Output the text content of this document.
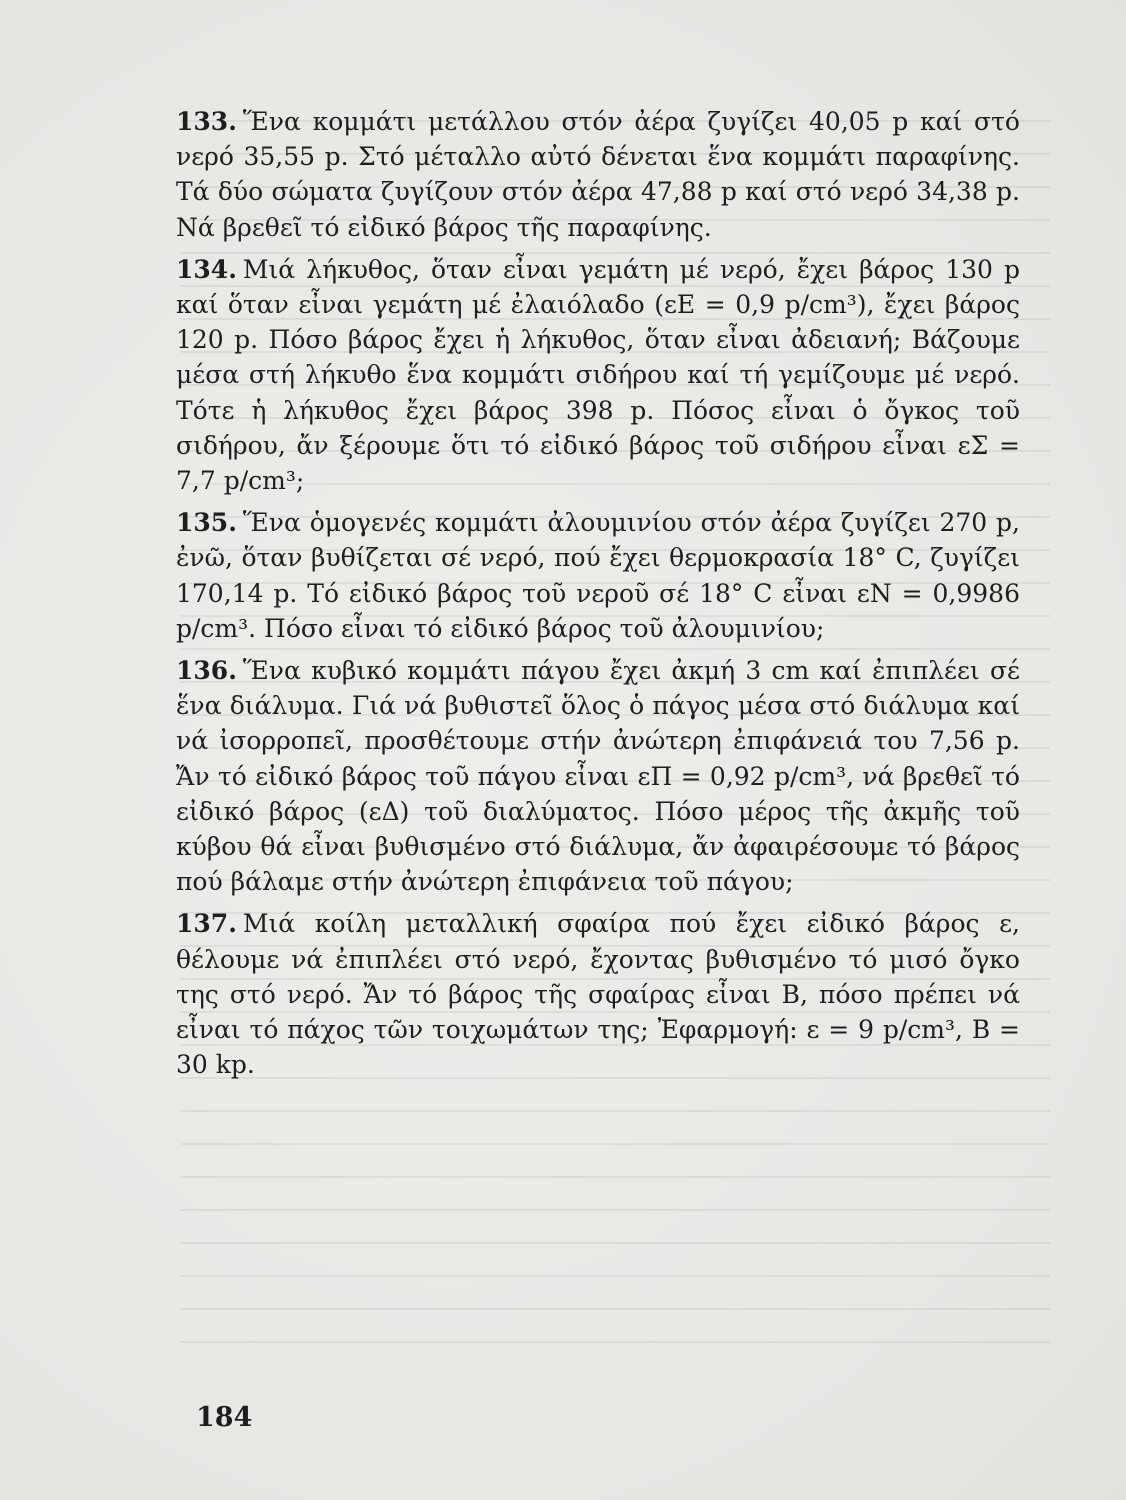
133 . Ἕνα κομμάτι μετάλλου στόν ἀέρα ζυγίζει 40,05 p καί στό νερό 35,55 p. Στό μέταλλο αὐτό δένεται ἕνα κομμάτι παραφίνης. Τά δύο σώματα ζυγίζουν στόν ἀέρα 47,88 p καί στό νερό 34,38 p. Νά βρεθεῖ τό εἰδικό βάρος τῆς παραφίνης.

134 . Μιά λήκυθος, ὅταν εἶναι γεμάτη μέ νερό, ἔχει βάρος 130 p καί ὅταν εἶναι γεμάτη μέ ἐλαιόλαδο (εE = 0,9 p/cm³), ἔχει βάρος 120 p. Πόσο βάρος ἔχει ἡ λήκυθος, ὅταν εἶναι ἀδειανή; Βάζουμε μέσα στή λήκυθο ἕνα κομμάτι σιδήρου καί τή γεμίζουμε μέ νερό. Τότε ἡ λήκυθος ἔχει βάρος 398 p. Πόσος εἶναι ὁ ὄγκος τοῦ σιδήρου, ἄν ξέρουμε ὅτι τό εἰδικό βάρος τοῦ σιδήρου εἶναι εΣ = 7,7 p/cm³;

135 . Ἕνα ὁμογενές κομμάτι ἀλουμινίου στόν ἀέρα ζυγίζει 270 p, ἐνῶ, ὅταν βυθίζεται σέ νερό, πού ἔχει θερμοκρασία 18° C, ζυγίζει 170,14 p. Τό εἰδικό βάρος τοῦ νεροῦ σέ 18° C εἶναι εN = 0,9986 p/cm³. Πόσο εἶναι τό εἰδικό βάρος τοῦ ἀλουμινίου;

136 . Ἕνα κυβικό κομμάτι πάγου ἔχει ἀκμή 3 cm καί ἐπιπλέει σέ ἕνα διάλυμα. Γιά νά βυθιστεῖ ὅλος ὁ πάγος μέσα στό διάλυμα καί νά ἰσορροπεῖ, προσθέτουμε στήν ἀνώτερη ἐπιφάνειά του 7,56 p. Ἄν τό εἰδικό βάρος τοῦ πάγου εἶναι εΠ = 0,92 p/cm³, νά βρεθεῖ τό εἰδικό βάρος (εΔ) τοῦ διαλύματος. Πόσο μέρος τῆς ἀκμῆς τοῦ κύβου θά εἶναι βυθισμένο στό διάλυμα, ἄν ἀφαιρέσουμε τό βάρος πού βάλαμε στήν ἀνώτερη ἐπιφάνεια τοῦ πάγου;

137 . Μιά κοίλη μεταλλική σφαίρα πού ἔχει εἰδικό βάρος ε, θέλουμε νά ἐπιπλέει στό νερό, ἔχοντας βυθισμένο τό μισό ὄγκο της στό νερό. Ἄν τό βάρος τῆς σφαίρας εἶναι B, πόσο πρέπει νά εἶναι τό πάχος τῶν τοιχωμάτων της; Ἐφαρμογή: ε = 9 p/cm³, B = 30 kp.

184
